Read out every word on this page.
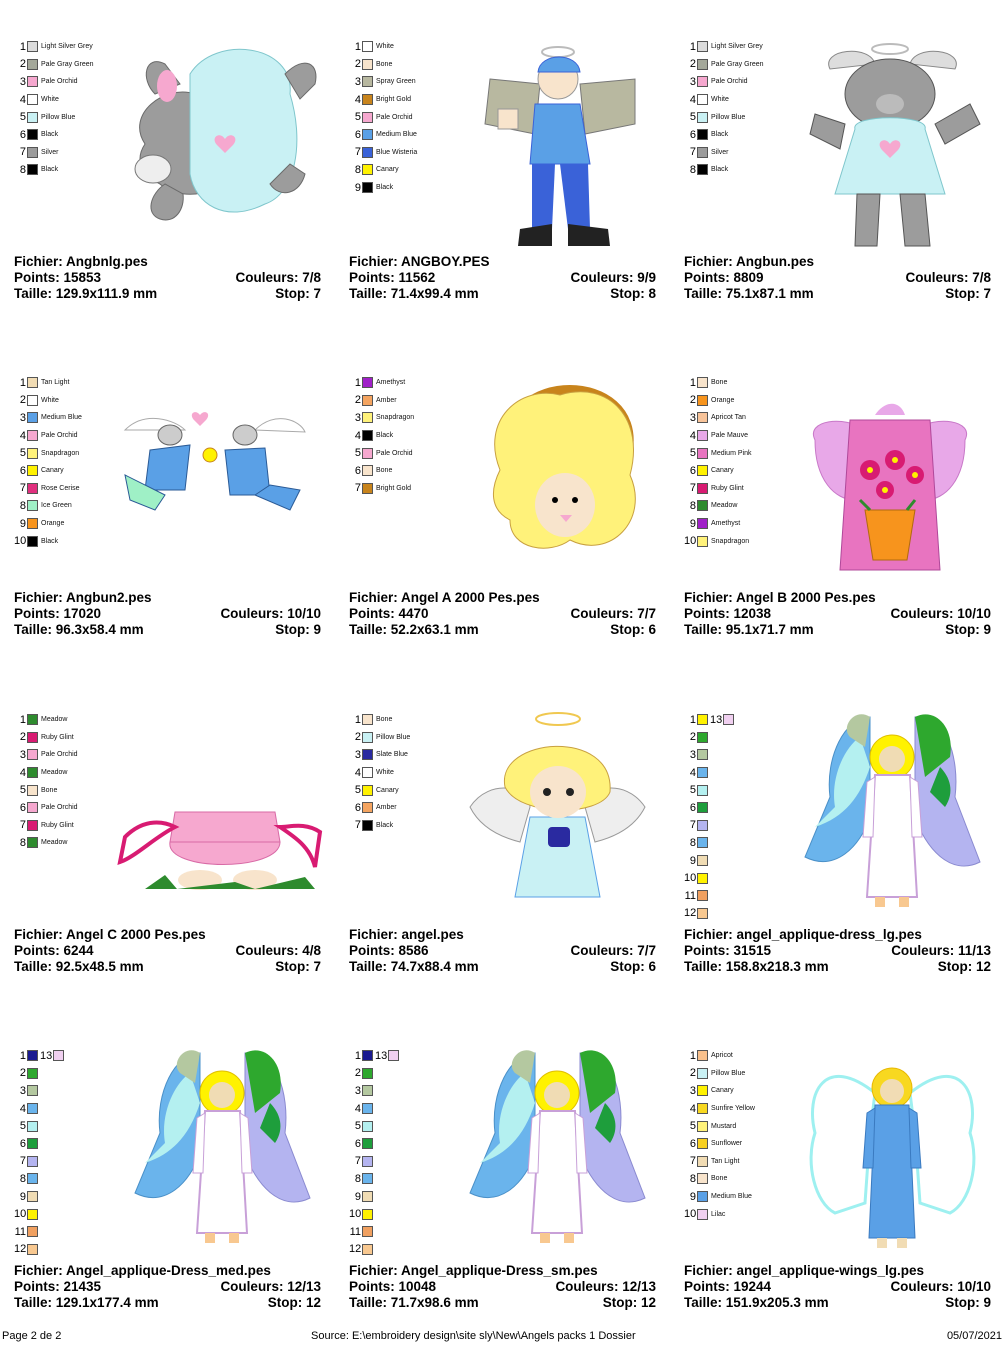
1 Light Silver Grey
2 Pale Gray Green
3 Pale Orchid
4 White
5 Pillow Blue
6 Black
7 Silver
8 Black
Fichier: Angbnlg.pes
Points: 15853	Couleurs: 7/8
Taille: 129.9x111.9 mm	Stop: 7
1 White
2 Bone
3 Spray Green
4 Bright Gold
5 Pale Orchid
6 Medium Blue
7 Blue Wisteria
8 Canary
9 Black
Fichier: ANGBOY.PES
Points: 11562	Couleurs: 9/9
Taille: 71.4x99.4 mm	Stop: 8
1 Light Silver Grey
2 Pale Gray Green
3 Pale Orchid
4 White
5 Pillow Blue
6 Black
7 Silver
8 Black
Fichier: Angbun.pes
Points: 8809	Couleurs: 7/8
Taille: 75.1x87.1 mm	Stop: 7
1 Tan Light
2 White
3 Medium Blue
4 Pale Orchid
5 Snapdragon
6 Canary
7 Rose Cerise
8 Ice Green
9 Orange
10 Black
Fichier: Angbun2.pes
Points: 17020	Couleurs: 10/10
Taille: 96.3x58.4 mm	Stop: 9
1 Amethyst
2 Amber
3 Snapdragon
4 Black
5 Pale Orchid
6 Bone
7 Bright Gold
Fichier: Angel A 2000 Pes.pes
Points: 4470	Couleurs: 7/7
Taille: 52.2x63.1 mm	Stop: 6
1 Bone
2 Orange
3 Apricot Tan
4 Pale Mauve
5 Medium Pink
6 Canary
7 Ruby Glint
8 Meadow
9 Amethyst
10 Snapdragon
Fichier: Angel B 2000 Pes.pes
Points: 12038	Couleurs: 10/10
Taille: 95.1x71.7 mm	Stop: 9
1 Meadow
2 Ruby Glint
3 Pale Orchid
4 Meadow
5 Bone
6 Pale Orchid
7 Ruby Glint
8 Meadow
Fichier: Angel C 2000 Pes.pes
Points: 6244	Couleurs: 4/8
Taille: 92.5x48.5 mm	Stop: 7
1 Bone
2 Pillow Blue
3 Slate Blue
4 White
5 Canary
6 Amber
7 Black
Fichier: angel.pes
Points: 8586	Couleurs: 7/7
Taille: 74.7x88.4 mm	Stop: 6
1 13
2
3
4
5
6
7
8
9
10
11
12
Fichier: angel_applique-dress_lg.pes
Points: 31515	Couleurs: 11/13
Taille: 158.8x218.3 mm	Stop: 12
1 13
2
3
4
5
6
7
8
9
10
11
12
Fichier: Angel_applique-Dress_med.pes
Points: 21435	Couleurs: 12/13
Taille: 129.1x177.4 mm	Stop: 12
1 13
2
3
4
5
6
7
8
9
10
11
12
Fichier: Angel_applique-Dress_sm.pes
Points: 10048	Couleurs: 12/13
Taille: 71.7x98.6 mm	Stop: 12
1 Apricot
2 Pillow Blue
3 Canary
4 Sunfire Yellow
5 Mustard
6 Sunflower
7 Tan Light
8 Bone
9 Medium Blue
10 Lilac
Fichier: angel_applique-wings_lg.pes
Points: 19244	Couleurs: 10/10
Taille: 151.9x205.3 mm	Stop: 9
Page 2 de 2	Source: E:\embroidery design\site sly\New\Angels packs 1 Dossier	05/07/2021
